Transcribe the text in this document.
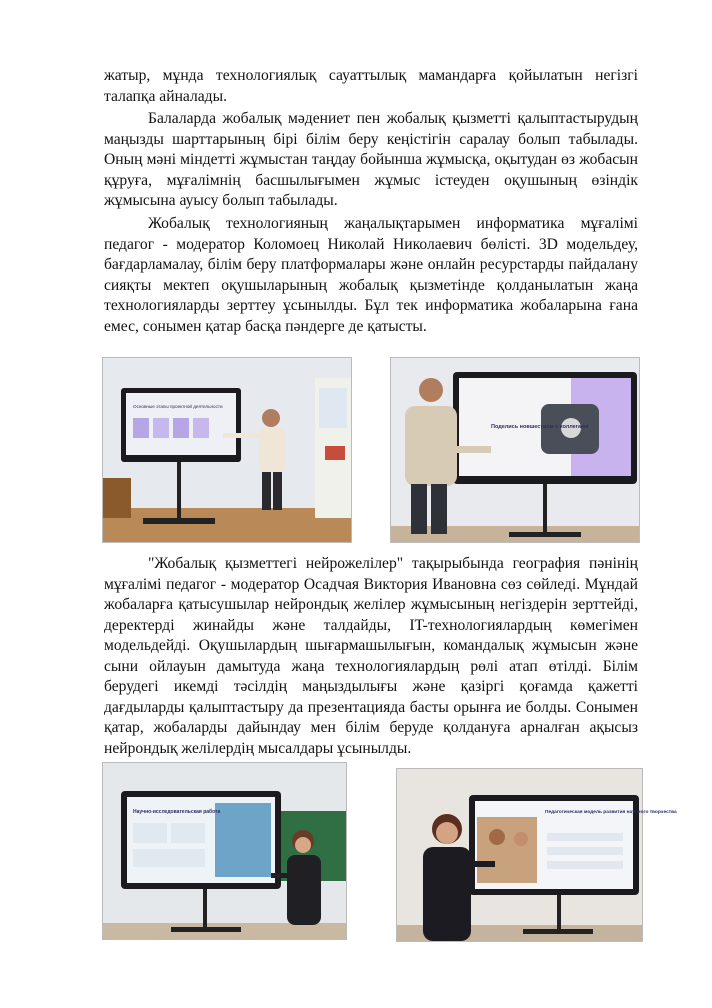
жатыр, мұнда технологиялық сауаттылық мамандарға қойылатын негізгі талапқа айналады.

Балаларда жобалық мәдениет пен жобалық қызметті қалыптастырудың маңызды шарттарының бірі білім беру кеңістігін саралау болып табылады. Оның мәні міндетті жұмыстан таңдау бойынша жұмысқа, оқытудан өз жобасын құруға, мұғалімнің басшылығымен жұмыс істеуден оқушының өзіндік жұмысына ауысу болып табылады.

Жобалық технологияның жаңалықтарымен информатика мұғалімі педагог - модератор Коломоец Николай Николаевич бөлісті. 3D модельдеу, бағдарламалау, білім беру платформалары және онлайн ресурстарды пайдалану сияқты мектеп оқушыларының жобалық қызметінде қолданылатын жаңа технологияларды зерттеу ұсынылды. Бұл тек информатика жобаларына ғана емес, сонымен қатар басқа пәндерге де қатысты.

Основные этапы проектной деятельности
Поделись новшеством с коллегами

"Жобалық қызметтегі нейрожелілер" тақырыбында география пәнінің мұғалімі педагог - модератор Осадчая Виктория Ивановна сөз сөйледі. Мұндай жобаларға қатысушылар нейрондық желілер жұмысының негіздерін зерттейді, деректерді жинайды және талдайды, IT-технологиялардың көмегімен модельдейді. Оқушылардың шығармашылығын, командалық жұмысын және сыни ойлауын дамытуда жаңа технологиялардың рөлі атап өтілді. Білім берудегі икемді тәсілдің маңыздылығы және қазіргі қоғамда қажетті дағдыларды қалыптастыру да презентацияда басты орынға ие болды. Сонымен қатар, жобаларды дайындау мен білім беруде қолдануға арналған ақысыз нейрондық желілердің мысалдары ұсынылды.

Научно-исследовательская работа	Педагогическая модель развития научного творчества
